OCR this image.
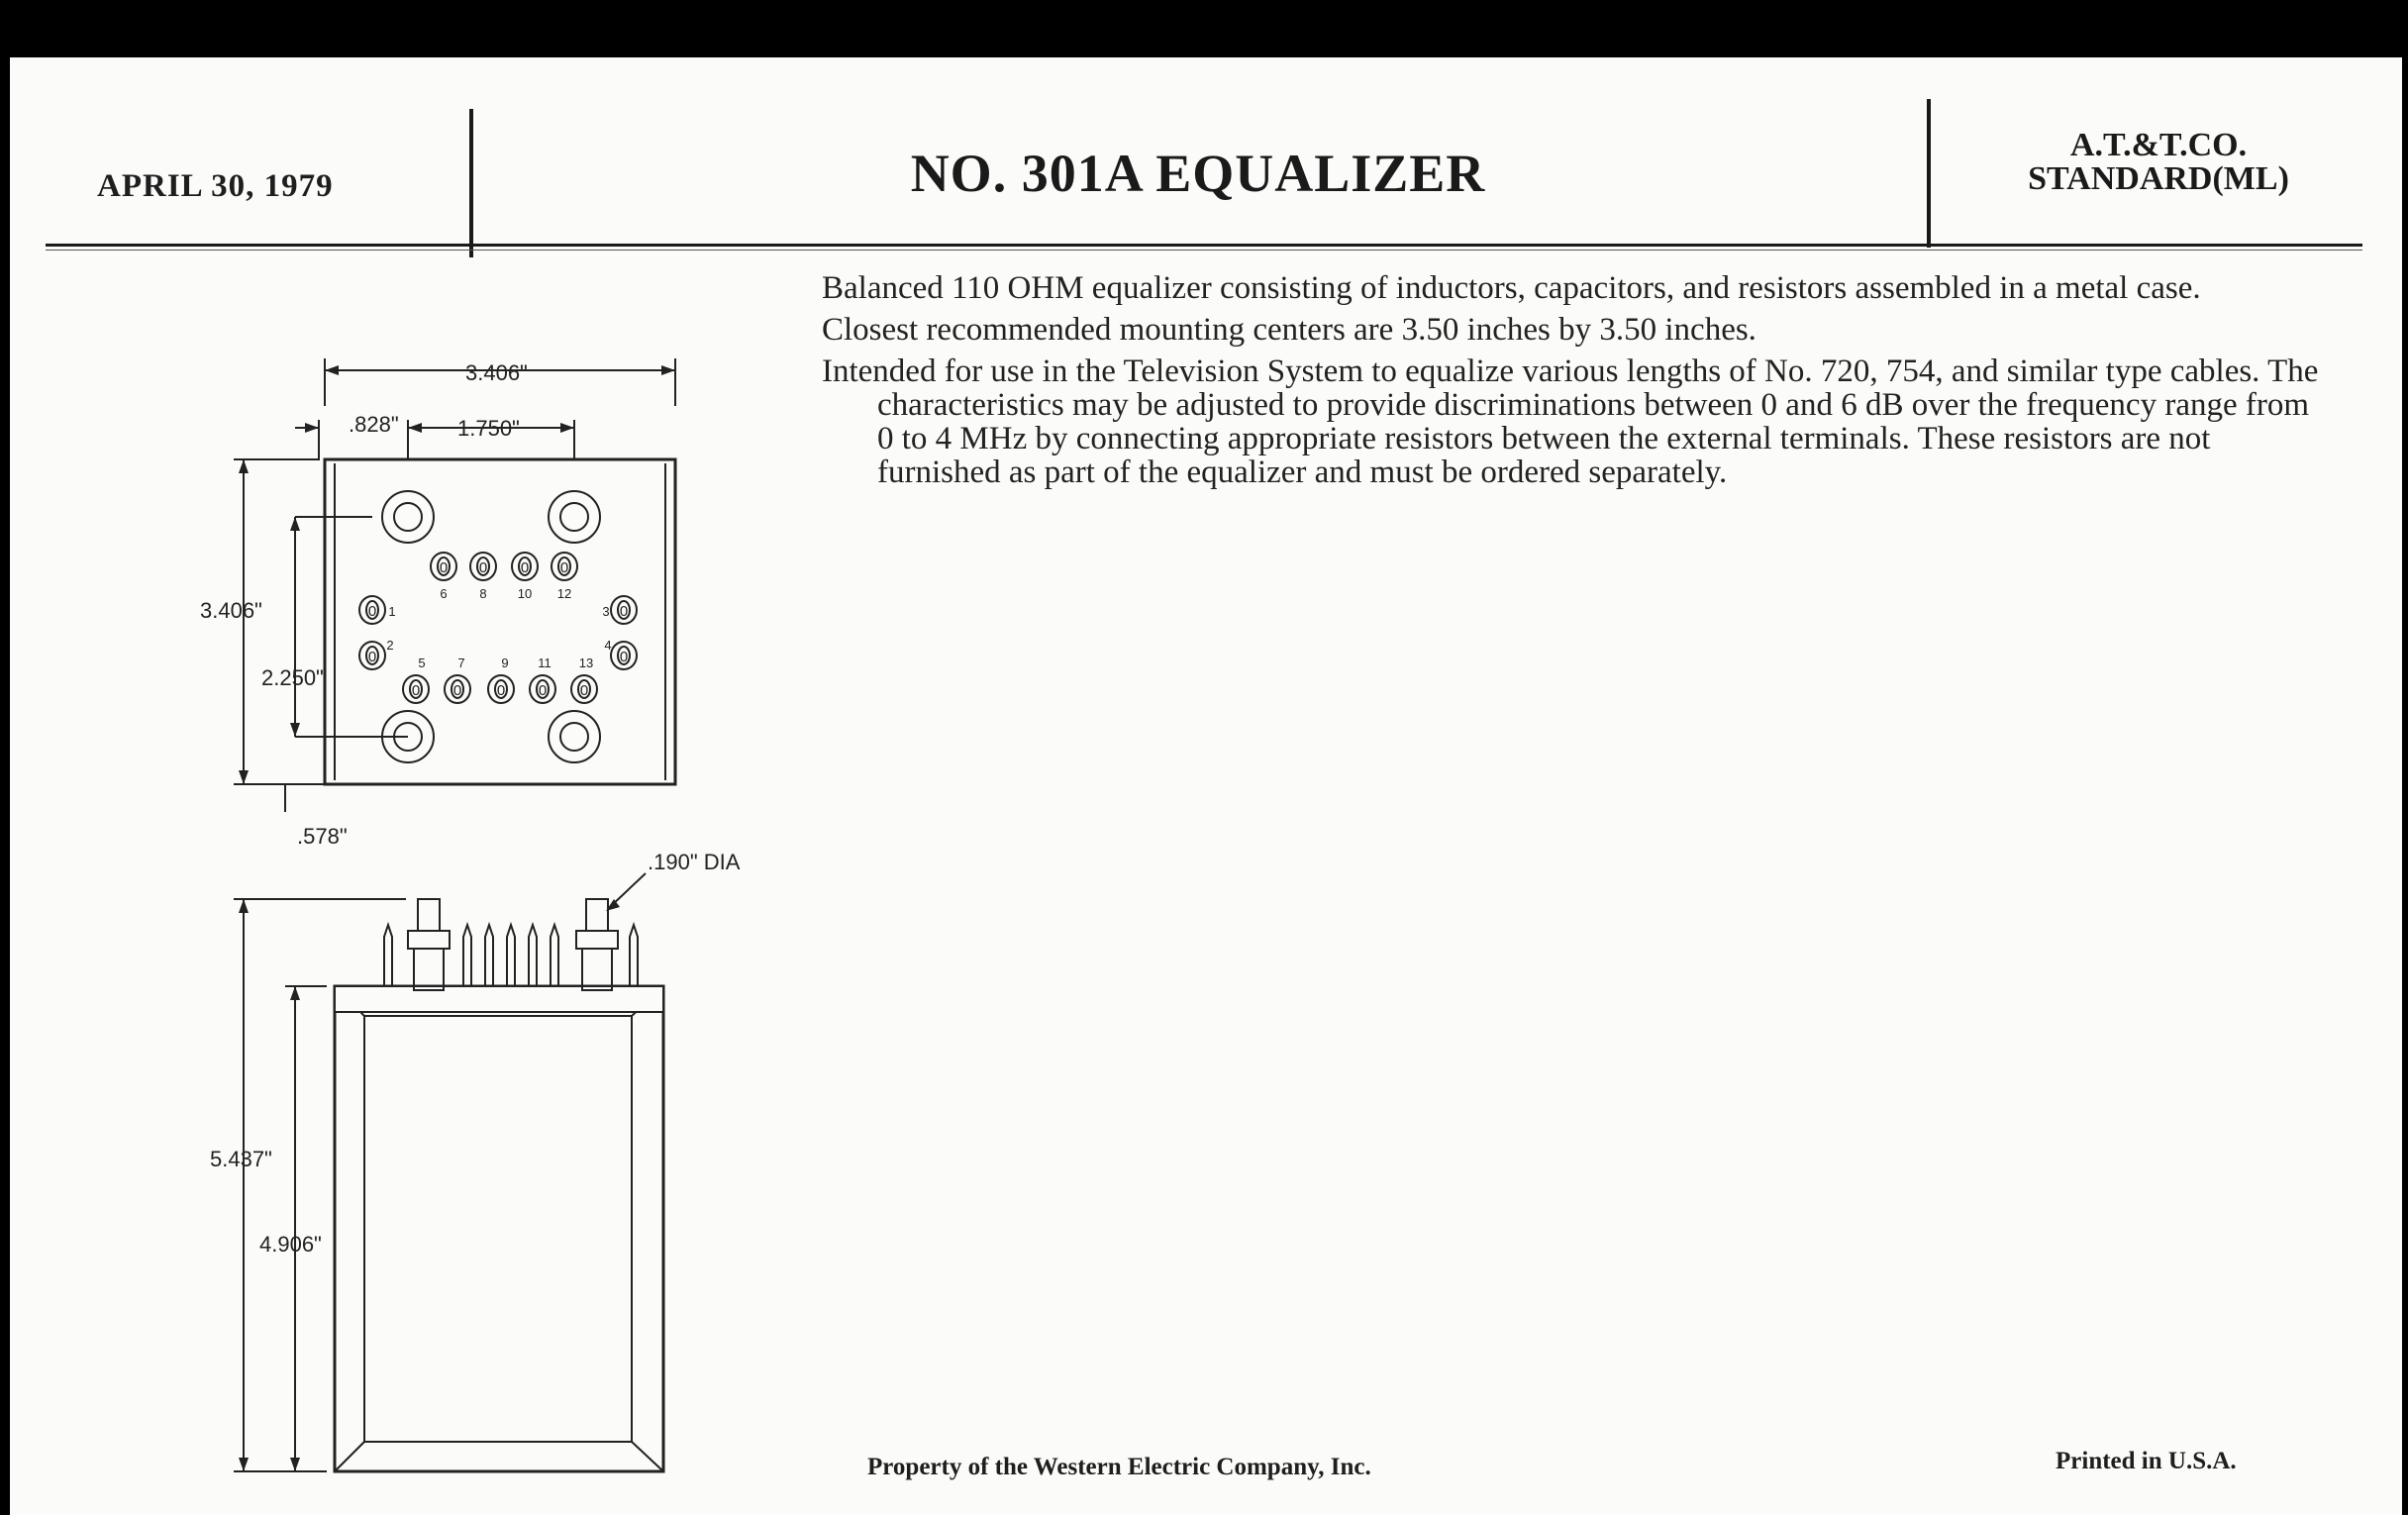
APRIL 30, 1979	NO. 301A EQUALIZER	A.T.&T.CO.
STANDARD(ML)

Balanced 110 OHM equalizer consisting of inductors, capacitors, and resistors assembled in a metal case.

Closest recommended mounting centers are 3.50 inches by 3.50 inches.

Intended for use in the Television System to equalize various lengths of No. 720, 754, and similar type cables. The characteristics may be adjusted to provide discriminations between 0 and 6 dB over the frequency range from 0 to 4 MHz by connecting appropriate resistors between the external terminals. These resistors are not furnished as part of the equalizer and must be ordered separately.

3.406"
.828"	1.750"
3.406"
2.250"
.578"
0 0 0 0
0	0
0	0
0 0 0 0 0
1
2
3
4
5
6
7
8
9
10
11
12
13
.190" DIA
5.437"
4.906"
Property of the Western Electric Company, Inc.	Printed in U.S.A.
